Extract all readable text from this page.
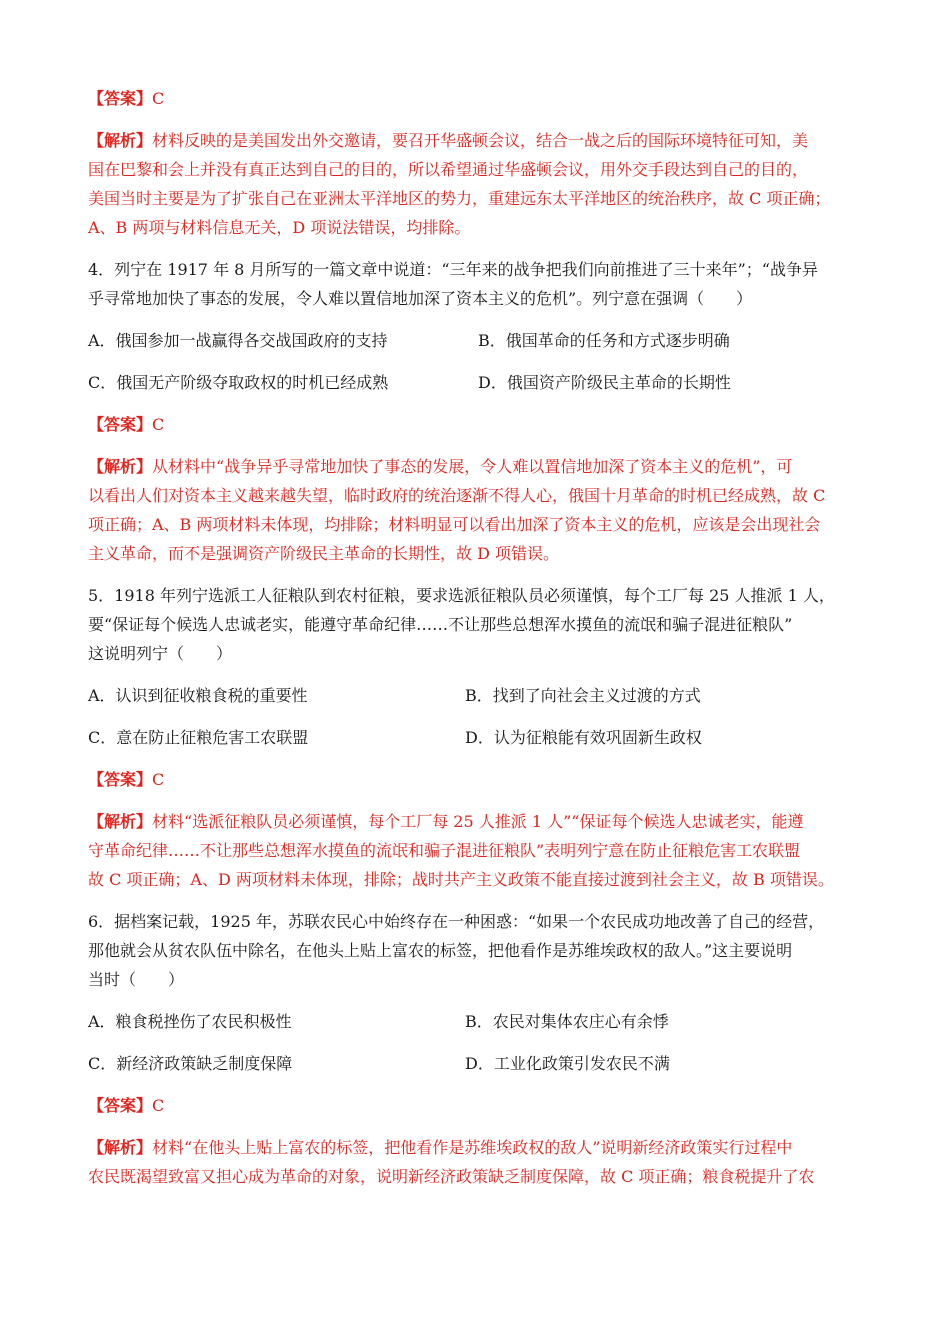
【答案】C

【解析】材料反映的是美国发出外交邀请，要召开华盛顿会议，结合一战之后的国际环境特征可知，美
国在巴黎和会上并没有真正达到自己的目的，所以希望通过华盛顿会议，用外交手段达到自己的目的，
美国当时主要是为了扩张自己在亚洲太平洋地区的势力，重建远东太平洋地区的统治秩序，故 C 项正确；
A、B 两项与材料信息无关，D 项说法错误，均排除。

4．列宁在 1917 年 8 月所写的一篇文章中说道：“三年来的战争把我们向前推进了三十来年”；“战争异
乎寻常地加快了事态的发展，令人难以置信地加深了资本主义的危机”。列宁意在强调（　　）

A．俄国参加一战赢得各交战国政府的支持	B．俄国革命的任务和方式逐步明确
C．俄国无产阶级夺取政权的时机已经成熟	D．俄国资产阶级民主革命的长期性

【答案】C

【解析】从材料中“战争异乎寻常地加快了事态的发展，令人难以置信地加深了资本主义的危机”，可
以看出人们对资本主义越来越失望，临时政府的统治逐渐不得人心，俄国十月革命的时机已经成熟，故 C
项正确；A、B 两项材料未体现，均排除；材料明显可以看出加深了资本主义的危机，应该是会出现社会
主义革命，而不是强调资产阶级民主革命的长期性，故 D 项错误。

5．1918 年列宁选派工人征粮队到农村征粮，要求选派征粮队员必须谨慎，每个工厂每 25 人推派 1 人，
要“保证每个候选人忠诚老实，能遵守革命纪律……不让那些总想浑水摸鱼的流氓和骗子混进征粮队”
这说明列宁（　　）

A．认识到征收粮食税的重要性	B．找到了向社会主义过渡的方式
C．意在防止征粮危害工农联盟	D．认为征粮能有效巩固新生政权

【答案】C

【解析】材料“选派征粮队员必须谨慎，每个工厂每 25 人推派 1 人”“保证每个候选人忠诚老实，能遵
守革命纪律……不让那些总想浑水摸鱼的流氓和骗子混进征粮队”表明列宁意在防止征粮危害工农联盟
故 C 项正确；A、D 两项材料未体现，排除；战时共产主义政策不能直接过渡到社会主义，故 B 项错误。

6．据档案记载，1925 年，苏联农民心中始终存在一种困惑：“如果一个农民成功地改善了自己的经营，
那他就会从贫农队伍中除名，在他头上贴上富农的标签，把他看作是苏维埃政权的敌人。”这主要说明
当时（　　）

A．粮食税挫伤了农民积极性	B．农民对集体农庄心有余悸
C．新经济政策缺乏制度保障	D．工业化政策引发农民不满

【答案】C

【解析】材料“在他头上贴上富农的标签，把他看作是苏维埃政权的敌人”说明新经济政策实行过程中
农民既渴望致富又担心成为革命的对象，说明新经济政策缺乏制度保障，故 C 项正确；粮食税提升了农
